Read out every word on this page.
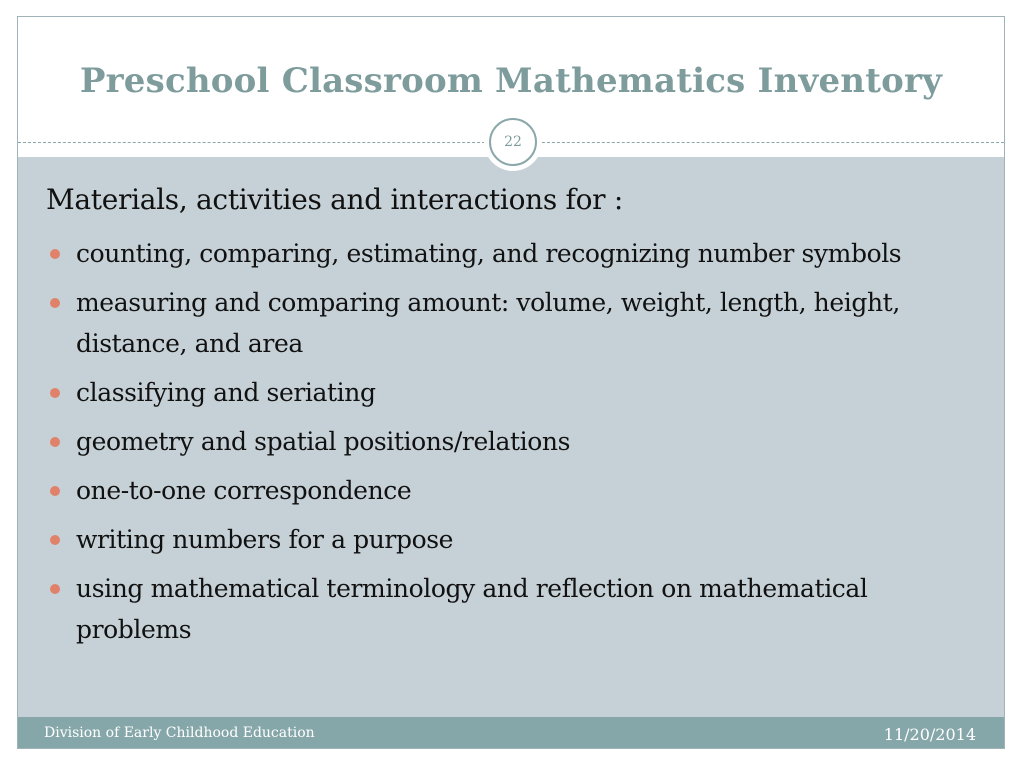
Preschool Classroom Mathematics Inventory
22
Materials, activities and interactions for :
counting, comparing, estimating, and recognizing number symbols
measuring and comparing amount: volume, weight, length, height, distance, and area
classifying and seriating
geometry and spatial positions/relations
one-to-one correspondence
writing numbers for a purpose
using mathematical terminology and reflection on mathematical problems
Division of Early Childhood Education	11/20/2014
